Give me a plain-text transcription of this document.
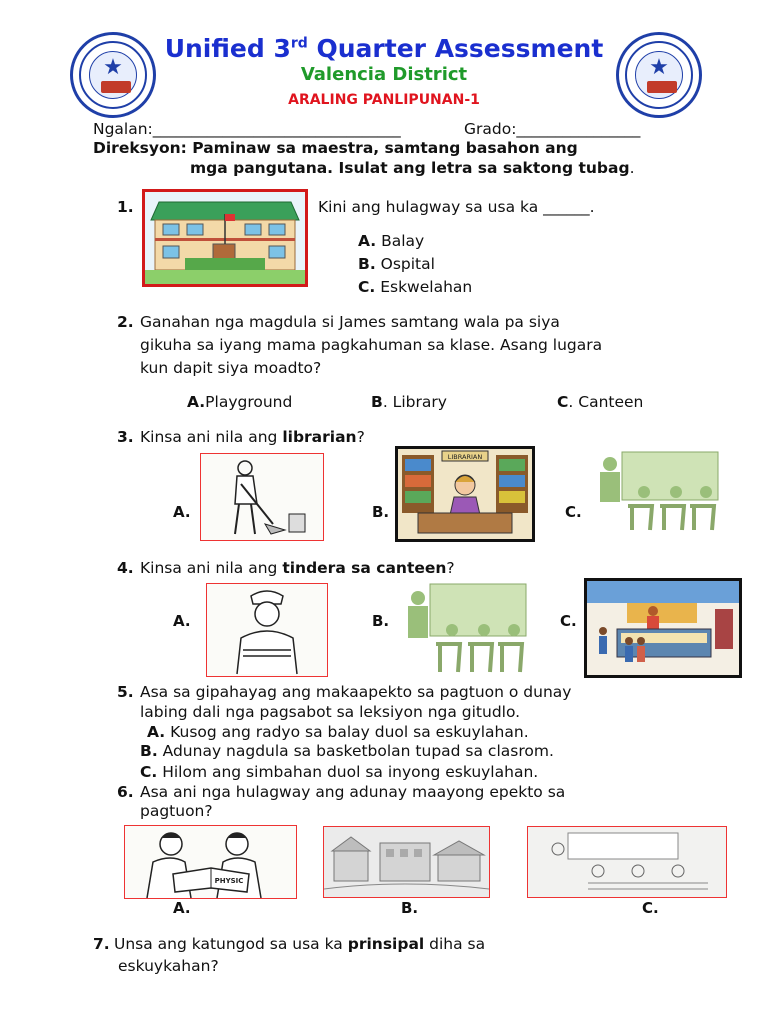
★	★
Unified 3rd Quarter Assessment
Valencia District
ARALING PANLIPUNAN-1
Ngalan:________________________________	Grado:________________
Direksyon: Paminaw sa maestra, samtang basahon ang
mga pangutana. Isulat ang letra sa saktong tubag.
1.	Kini ang hulagway sa usa ka ______.
A. Balay
B. Ospital
C. Eskwelahan
2. Ganahan nga magdula si James samtang wala pa siya
gikuha sa iyang mama pagkahuman sa klase. Asang lugara
kun dapit siya moadto?
A.Playground	B. Library	C. Canteen
3. Kinsa ani nila ang librarian?
A.	B.
LIBRARIAN
C.
4. Kinsa ani nila ang tindera sa canteen?
A.	B.	C.
5. Asa sa gipahayag ang makaapekto sa pagtuon o dunay
labing dali nga pagsabot sa leksiyon nga gitudlo.
A. Kusog ang radyo sa balay duol sa eskuylahan.
B. Adunay nagdula sa basketbolan tupad sa clasrom.
C. Hilom ang simbahan duol sa inyong eskuylahan.
6. Asa ani nga hulagway ang adunay maayong epekto sa
pagtuon?
PHYSIC
A.	B.	C.
7. Unsa ang katungod sa usa ka prinsipal diha sa
eskuykahan?
